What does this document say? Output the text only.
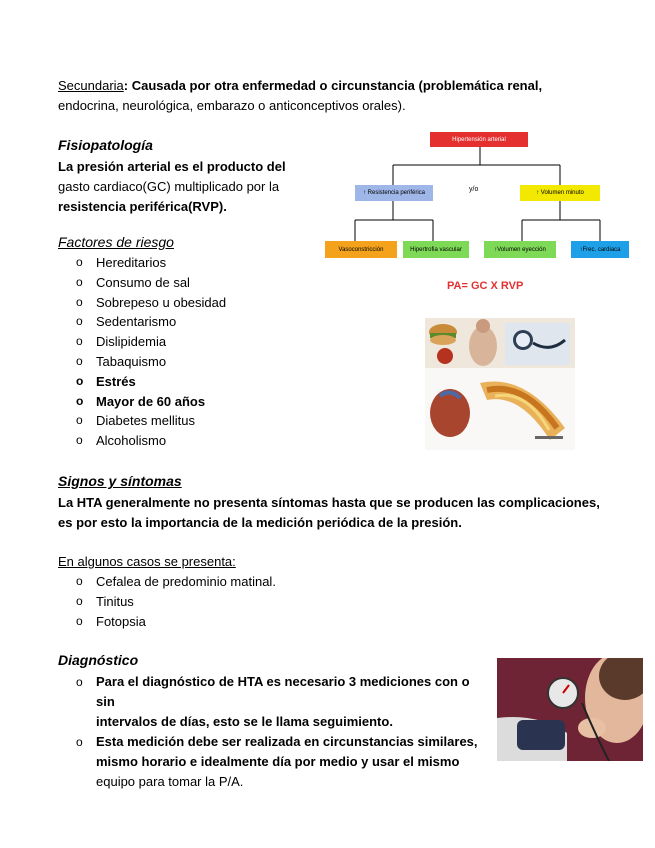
Secundaria: Causada por otra enfermedad o circunstancia (problemática renal,
endocrina, neurológica, embarazo o anticonceptivos orales).
Fisiopatología
La presión arterial es el producto del
gasto cardiaco(GC) multiplicado por la
resistencia periférica(RVP).
Hipertensión arterial
↑ Resistencia periférica	y/o	↑ Volumen minuto
Vasoconstricción	Hipertrofia vascular	↑Volumen eyección	↑Frec. cardiaca
PA= GC X RVP
Factores de riesgo
o Hereditarios
o Consumo de sal
o Sobrepeso u obesidad
o Sedentarismo
o Dislipidemia
o Tabaquismo
o Estrés
o Mayor de 60 años
o Diabetes mellitus
o Alcoholismo
Signos y síntomas
La HTA generalmente no presenta síntomas hasta que se producen las complicaciones,
es por esto la importancia de la medición periódica de la presión.
En algunos casos se presenta:
o Cefalea de predominio matinal.
o Tinitus
o Fotopsia
Diagnóstico
o Para el diagnóstico de HTA es necesario 3 mediciones con o sin
intervalos de días, esto se le llama seguimiento.
o Esta medición debe ser realizada en circunstancias similares,
mismo horario e idealmente día por medio y usar el mismo
equipo para tomar la P/A.
